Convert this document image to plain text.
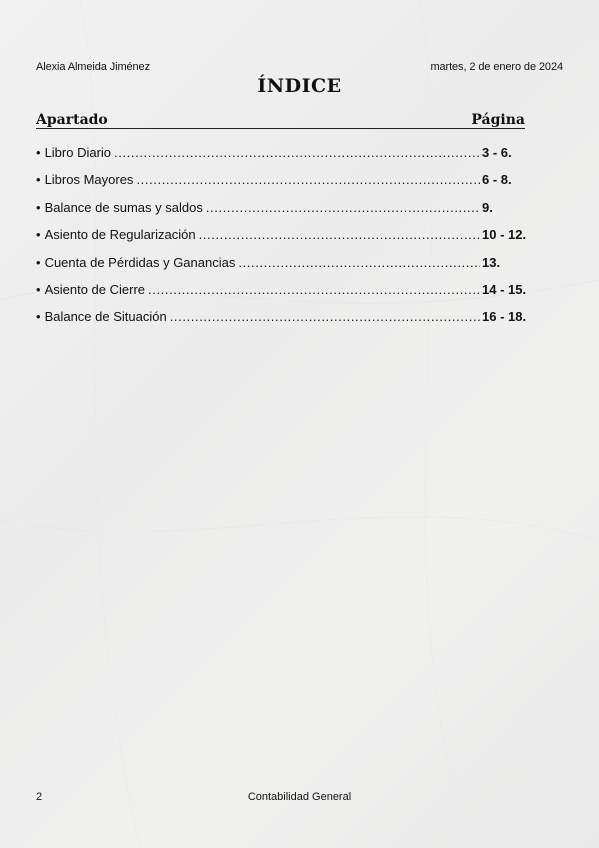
Alexia Almeida Jiménez	martes, 2 de enero de 2024
ÍNDICE
Apartado	Página
• Libro Diario .....	3 - 6.
• Libros Mayores .....	6 - 8.
• Balance de sumas y saldos .....	9.
• Asiento de Regularización .....	10 - 12.
• Cuenta de Pérdidas y Ganancias .....	13.
• Asiento de Cierre .....	14 - 15.
• Balance de Situación .....	16 - 18.
2	Contabilidad General
